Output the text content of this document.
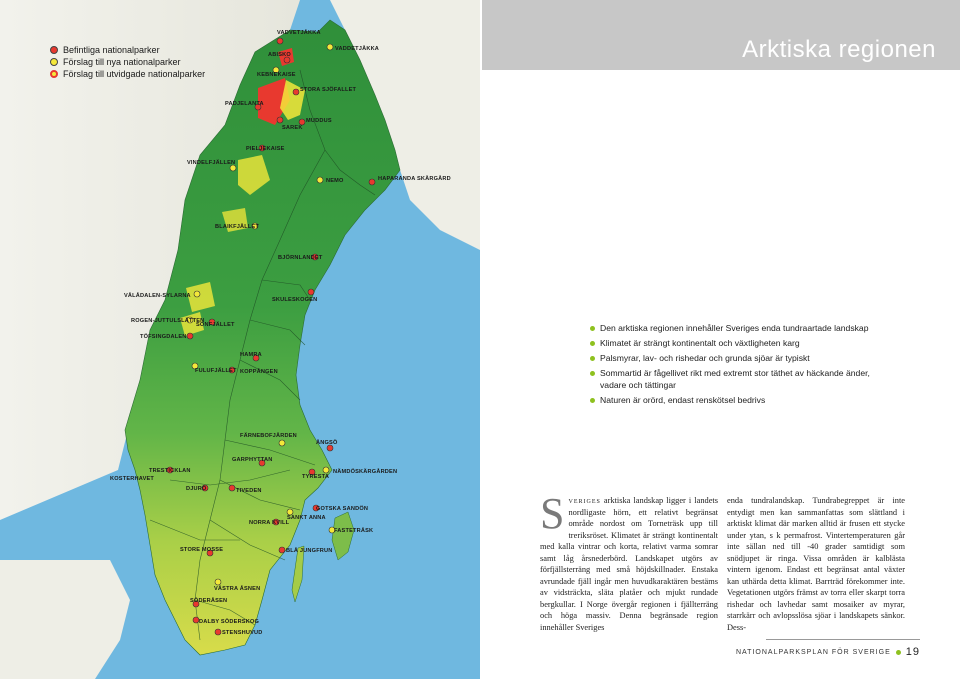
VADVETJÅKKA
ABISKO
VADDETJÅKKA
KEBNEKAISE
STORA SJÖFALLET
PADJELANTA
MUDDUS
SAREK
PIELJEKAISE
VINDELFJÄLLEN
NEMO	HAPARANDA SKÄRGÅRD
BLAIKFJÄLLET
BJÖRNLANDET
VÅLÅDALEN-SYLARNA
SKULESKOGEN
ROGEN-JUTTULSLÄTTEN
TÖFSINGDALEN
SONFJÄLLET
HAMRA
FULUFJÄLLET KOPPÅNGEN
FÄRNEBOFJÄRDEN
ÄNGSÖ
GARPHYTTAN
TRESTICKLAN
KOSTERHAVET	TYRESTA
NÄMDÖSKÄRGÅRDEN
DJURÖ	TIVEDEN
GOTSKA SANDÖN
NORRA KVILL
SANKT ANNA
FASTETRÄSK
STORE MOSSE	BLÅ JUNGFRUN
VÄSTRA ÅSNEN
SÖDERÅSEN
DALBY SÖDERSKOG
STENSHUVUD
Befintliga nationalparker
Förslag till nya nationalparker
Förslag till utvidgade nationalparker
Arktiska regionen
Den arktiska regionen innehåller Sveriges enda tundraartade landskap
Klimatet är strängt kontinentalt och växtligheten karg
Palsmyrar, lav- och rishedar och grunda sjöar är typiskt
Sommartid är fågellivet rikt med extremt stor täthet av häckande änder, vadare och tättingar
Naturen är orörd, endast renskötsel bedrivs

Sveriges arktiska landskap ligger i landets nordligaste hörn, ett relativt begränsat område nordost om Torneträsk upp till treriksröset. Klimatet är strängt kontinentalt med kalla vintrar och korta, relativt varma somrar samt låg årsnederbörd. Landskapet utgörs av förfjällsterräng med små höjdskillnader. Enstaka avrundade fjäll ingår men huvudkaraktären bestäms av vidsträckta, släta platåer och mjukt rundade bergkullar. I Norge övergår regionen i fjällterräng och höga massiv. Denna begränsade region innehåller Sveriges

enda tundralandskap. Tundrabegreppet är inte entydigt men kan sammanfattas som slättland i arktiskt klimat där marken alltid är frusen ett stycke under ytan, s k permafrost. Vintertemperaturen går inte sällan ned till -40 grader samtidigt som snödjupet är ringa. Vissa områden är kalblästa vintern igenom. Endast ett begränsat antal växter kan uthärda detta klimat. Barrträd förekommer inte. Vegetationen utgörs främst av torra eller skarpt torra rishedar och lavhedar samt mosaiker av myrar, starrkärr och avlopsslösa sjöar i landskapets sänkor. Dess-

NATIONALPARKSPLAN FÖR SVERIGE 19
